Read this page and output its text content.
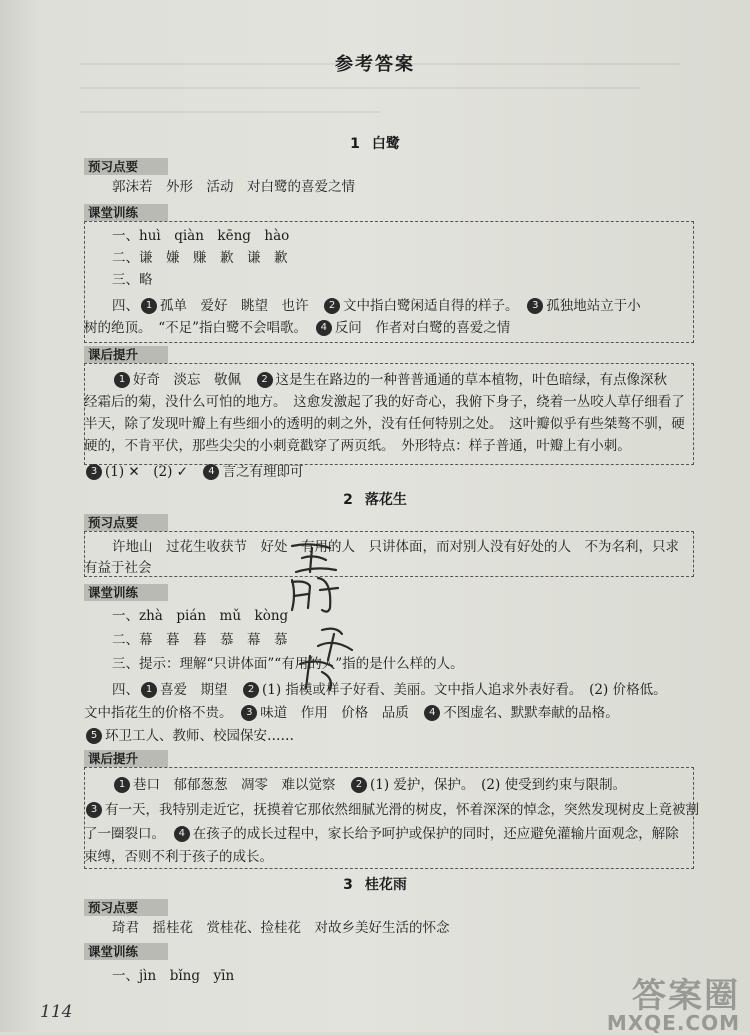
参考答案
1 白鹭
预习点要
郭沫若　外形　活动　对白鹭的喜爱之情
课堂训练
一、huì　qiàn　kēng　hào
二、谦　嫌　赚　歉　谦　歉
三、略
四、 1 孤单　爱好　眺望　也许　 2 文中指白鹭闲适自得的样子。　 3 孤独地站立于小
树的绝顶。　“不足”指白鹭不会唱歌。　 4 反问　作者对白鹭的喜爱之情
课后提升
1 好奇　淡忘　敬佩　 2 这是生在路边的一种普普通通的草本植物，叶色暗绿，有点像深秋
经霜后的菊，没什么可怕的地方。　这愈发激起了我的好奇心，我俯下身子，绕着一丛咬人草仔细看了
半天，除了发现叶瓣上有些细小的透明的刺之外，没有任何特别之处。　这叶瓣似乎有些桀骜不驯，硬
硬的，不肯平伏，那些尖尖的小刺竟戳穿了两页纸。　外形特点：样子普通，叶瓣上有小刺。
3 (1) ✕　(2) ✓　 4 言之有理即可
2 落花生
预习点要
许地山　过花生收获节　好处　有用的人　只讲体面，而对别人没有好处的人　不为名利，只求
有益于社会
课堂训练
一、zhà　pián　mǔ　kòng
二、幕　暮　暮　慕　幕　慕
三、提示：理解“只讲体面”“有用的人”指的是什么样的人。
四、 1 喜爱　期望　 2 (1) 指模或样子好看、美丽。文中指人追求外表好看。　(2) 价格低。
文中指花生的价格不贵。　 3 味道　作用　价格　品质　 4 不图虚名、默默奉献的品格。
5 环卫工人、教师、校园保安……
课后提升
1 巷口　郁郁葱葱　凋零　难以觉察　 2 (1) 爱护，保护。　(2) 使受到约束与限制。
3 有一天，我特别走近它，抚摸着它那依然细腻光滑的树皮，怀着深深的悼念，突然发现树皮上竟被割
了一圈裂口。　 4 在孩子的成长过程中，家长给予呵护或保护的同时，还应避免灌输片面观念，解除
束缚，否则不利于孩子的成长。
3 桂花雨
预习点要
琦君　摇桂花　赏桂花、捡桂花　对故乡美好生活的怀念
课堂训练
一、jìn　bǐng　yīn
114	答案圈
MXQE.COM
